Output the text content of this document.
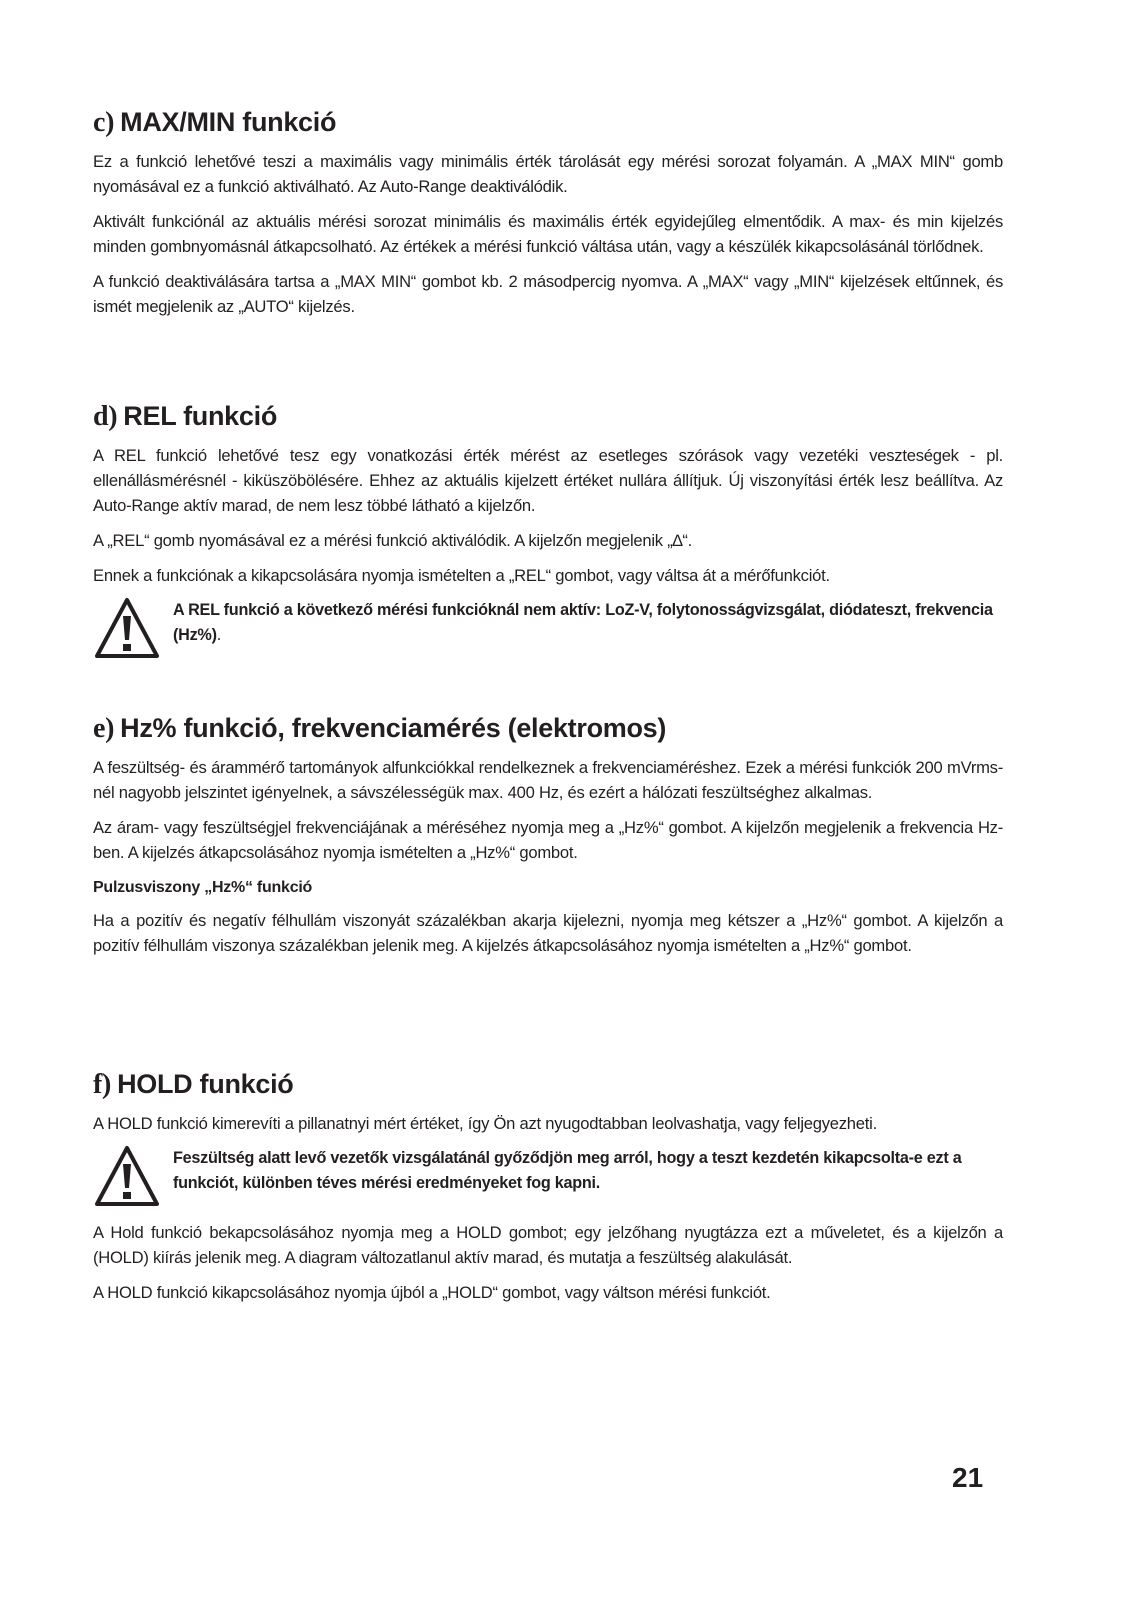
c) MAX/MIN funkció

Ez a funkció lehetővé teszi a maximális vagy minimális érték tárolását egy mérési sorozat folyamán. A „MAX MIN“ gomb nyomásával ez a funkció aktiválható. Az Auto-Range deaktiválódik.

Aktivált funkciónál az aktuális mérési sorozat minimális és maximális érték egyidejűleg elmentődik. A max- és min kijelzés minden gombnyomásnál átkapcsolható. Az értékek a mérési funkció váltása után, vagy a készülék kikapcsolásánál törlődnek.

A funkció deaktiválására tartsa a „MAX MIN“ gombot kb. 2 másodpercig nyomva. A „MAX“ vagy „MIN“ kijelzések eltűnnek, és ismét megjelenik az „AUTO“ kijelzés.

d) REL funkció

A REL funkció lehetővé tesz egy vonatkozási érték mérést az esetleges szórások vagy vezetéki veszteségek - pl. ellenállásmérésnél - kiküszöbölésére. Ehhez az aktuális kijelzett értéket nullára állítjuk. Új viszonyítási érték lesz beállítva. Az Auto-Range aktív marad, de nem lesz többé látható a kijelzőn.

A „REL“ gomb nyomásával ez a mérési funkció aktiválódik. A kijelzőn megjelenik „∆“.

Ennek a funkciónak a kikapcsolására nyomja ismételten a „REL“ gombot, vagy váltsa át a mérőfunkciót.

A REL funkció a következő mérési funkcióknál nem aktív: LoZ-V, folytonosságvizsgálat, diódateszt, frekvencia (Hz%).
e) Hz% funkció, frekvenciamérés (elektromos)

A feszültség- és árammérő tartományok alfunkciókkal rendelkeznek a frekvenciaméréshez. Ezek a mérési funkciók 200 mVrms-nél nagyobb jelszintet igényelnek, a sávszélességük max. 400 Hz, és ezért a hálózati feszültséghez alkalmas.

Az áram- vagy feszültségjel frekvenciájának a méréséhez nyomja meg a „Hz%“ gombot. A kijelzőn megjelenik a frekvencia Hz-ben. A kijelzés átkapcsolásához nyomja ismételten a „Hz%“ gombot.

Pulzusviszony „Hz%“ funkció

Ha a pozitív és negatív félhullám viszonyát százalékban akarja kijelezni, nyomja meg kétszer a „Hz%“ gombot. A kijelzőn a pozitív félhullám viszonya százalékban jelenik meg. A kijelzés átkapcsolásához nyomja ismételten a „Hz%“ gombot.

f) HOLD funkció

A HOLD funkció kimerevíti a pillanatnyi mért értéket, így Ön azt nyugodtabban leolvashatja, vagy feljegyezheti.

Feszültség alatt levő vezetők vizsgálatánál győződjön meg arról, hogy a teszt kezdetén kikapcsolta-e ezt a funkciót, különben téves mérési eredményeket fog kapni.

A Hold funkció bekapcsolásához nyomja meg a HOLD gombot; egy jelzőhang nyugtázza ezt a műveletet, és a kijelzőn a (HOLD) kiírás jelenik meg. A diagram változatlanul aktív marad, és mutatja a feszültség alakulását.

A HOLD funkció kikapcsolásához nyomja újból a „HOLD“ gombot, vagy váltson mérési funkciót.

21
